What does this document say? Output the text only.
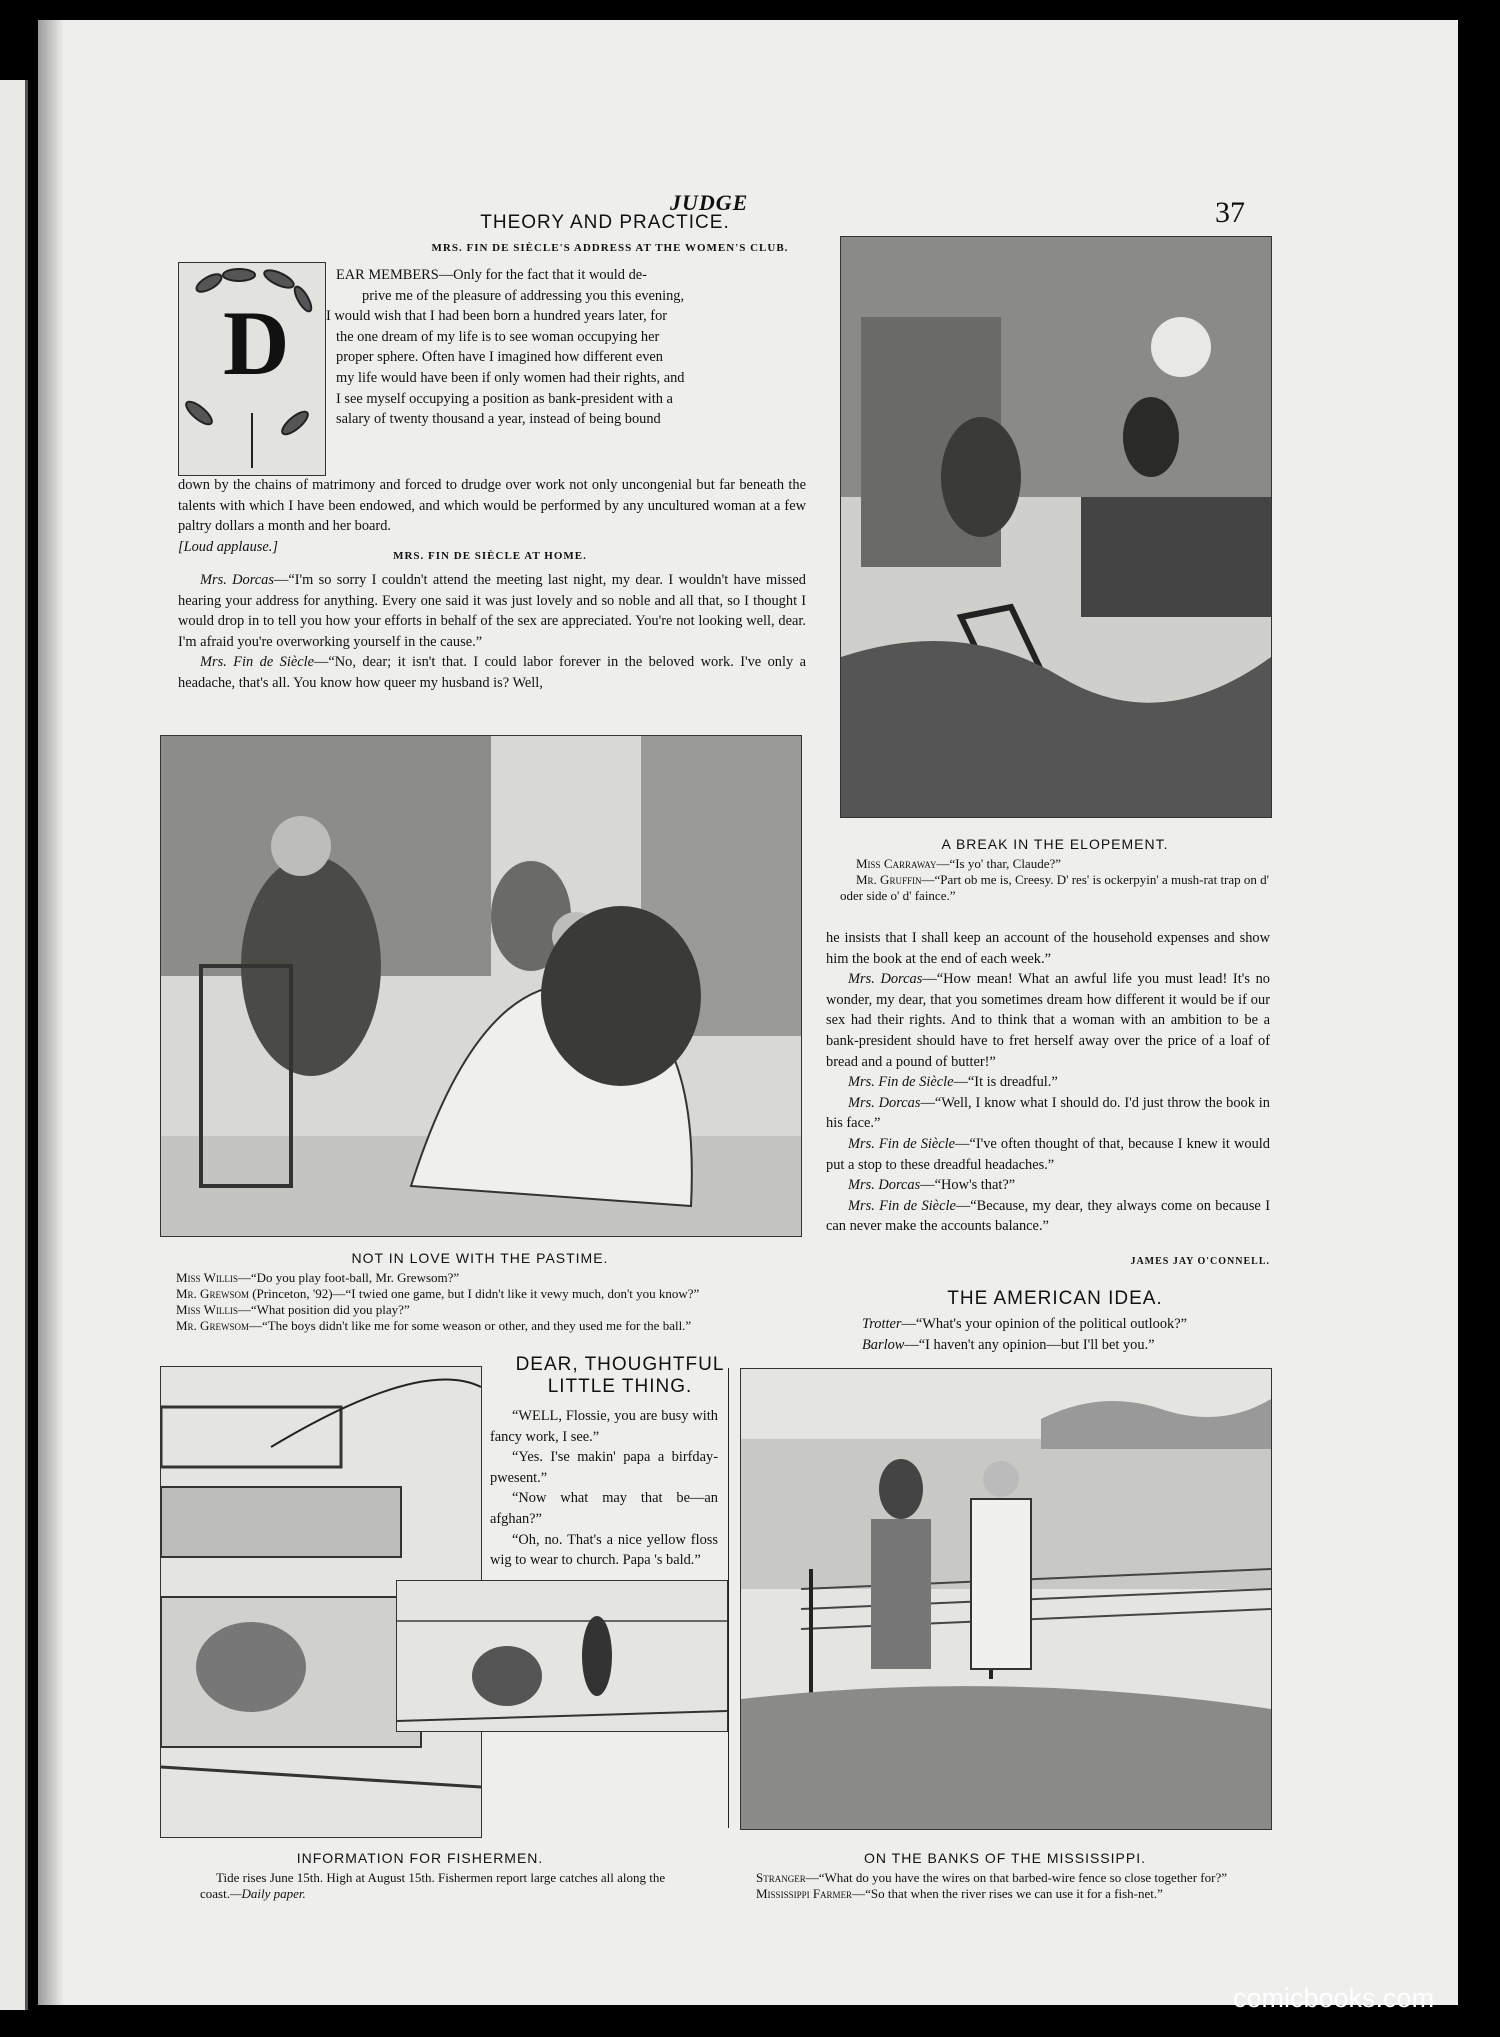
JUDGE	37
THEORY AND PRACTICE.
MRS. FIN DE SIÈCLE'S ADDRESS AT THE WOMEN'S CLUB.
D

EAR MEMBERS—Only for the fact that it would de-

prive me of the pleasure of addressing you this evening,

I would wish that I had been born a hundred years later, for

the one dream of my life is to see woman occupying her

proper sphere. Often have I imagined how different even

my life would have been if only women had their rights, and

I see myself occupying a position as bank-president with a

salary of twenty thousand a year, instead of being bound

down by the chains of matrimony and forced to drudge over work not only uncongenial but far beneath the talents with which I have been endowed, and which would be performed by any uncultured woman at a few paltry dollars a month and her board.

[Loud applause.]

MRS. FIN DE SIÈCLE AT HOME.

Mrs. Dorcas—“I'm so sorry I couldn't attend the meeting last night, my dear. I wouldn't have missed hearing your address for anything. Every one said it was just lovely and so noble and all that, so I thought I would drop in to tell you how your efforts in behalf of the sex are appreciated. You're not looking well, dear. I'm afraid you're overworking yourself in the cause.”

Mrs. Fin de Siècle—“No, dear; it isn't that. I could labor forever in the beloved work. I've only a headache, that's all. You know how queer my husband is? Well,

A BREAK IN THE ELOPEMENT.

Miss Carraway—“Is yo' thar, Claude?”

Mr. Gruffin—“Part ob me is, Creesy. D' res' is ockerpyin' a mush-rat trap on d' oder side o' d' faince.”

he insists that I shall keep an account of the household expenses and show him the book at the end of each week.”

Mrs. Dorcas—“How mean! What an awful life you must lead! It's no wonder, my dear, that you sometimes dream how different it would be if our sex had their rights. And to think that a woman with an ambition to be a bank-president should have to fret herself away over the price of a loaf of bread and a pound of butter!”

Mrs. Fin de Siècle—“It is dreadful.”

Mrs. Dorcas—“Well, I know what I should do. I'd just throw the book in his face.”

Mrs. Fin de Siècle—“I've often thought of that, because I knew it would put a stop to these dreadful headaches.”

Mrs. Dorcas—“How's that?”

Mrs. Fin de Siècle—“Because, my dear, they always come on because I can never make the accounts balance.”

JAMES JAY O'CONNELL.
THE AMERICAN IDEA.

Trotter—“What's your opinion of the political outlook?”

Barlow—“I haven't any opinion—but I'll bet you.”

NOT IN LOVE WITH THE PASTIME.

Miss Willis—“Do you play foot-ball, Mr. Grewsom?”

Mr. Grewsom (Princeton, '92)—“I twied one game, but I didn't like it vewy much, don't you know?”

Miss Willis—“What position did you play?”

Mr. Grewsom—“The boys didn't like me for some weason or other, and they used me for the ball.”

DEAR, THOUGHTFUL
LITTLE THING.

“WELL, Flossie, you are busy with fancy work, I see.”

“Yes. I'se makin' papa a birfday-pwesent.”

“Now what may that be—an afghan?”

“Oh, no. That's a nice yellow floss wig to wear to church. Papa 's bald.”

INFORMATION FOR FISHERMEN.

Tide rises June 15th. High at August 15th. Fishermen report large catches all along the coast.—Daily paper.

ON THE BANKS OF THE MISSISSIPPI.

Stranger—“What do you have the wires on that barbed-wire fence so close together for?”

Mississippi Farmer—“So that when the river rises we can use it for a fish-net.”

comicbooks.com
